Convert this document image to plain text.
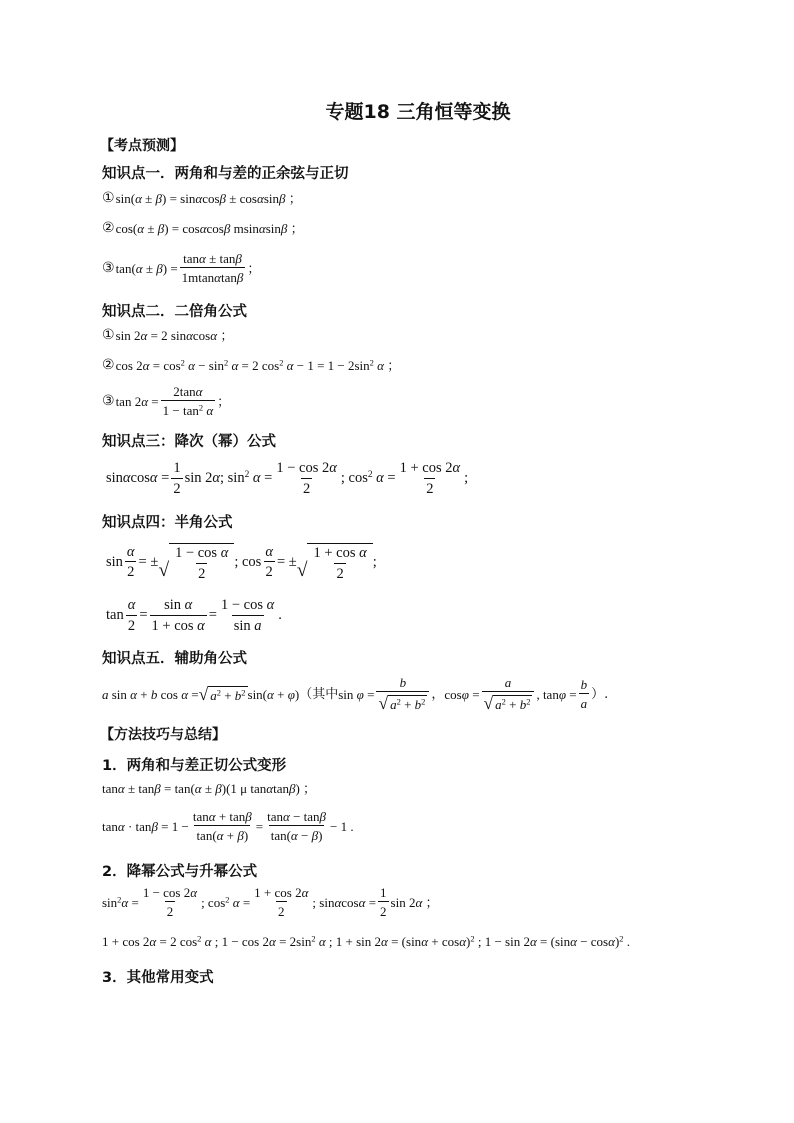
专题18 三角恒等变换
【考点预测】
知识点一．两角和与差的正余弦与正切
① sin(α ± β) = sinαcosβ ± cosαsinβ ；
② cos(α ± β) = cosαcosβ msinαsinβ ；
③ $\tan(\alpha \pm \beta) = \frac{\tan\alpha \pm \tan\beta}{1mtan\alpha\tan\beta}$ ；
知识点二．二倍角公式
① sin 2α = 2 sinαcosα ；
② $\cos 2\alpha = \cos^2 \alpha - \sin^2 \alpha = 2$ $\cos^2 \alpha - 1 = 1 - 2\sin^2$ α ；
③ $\tan 2\alpha = \frac{2\tan\alpha}{1 - \tan^2 \alpha}$ ；
知识点三：降次（幂）公式
$\sin\alpha\cos\alpha = \frac{1}{2}$ sin 2α; $\sin^2 \alpha = \frac{1 - \cos 2\alpha}{2}$ ; $\cos^2 \alpha = \frac{1 + \cos 2\alpha}{2}$ ;
知识点四：半角公式
$\sin \frac{\alpha}{2}$ = ± √ $\frac{\text{1 − cos α}}{2}$ ; $\cos \frac{\alpha}{2}$ = ± √ $\frac{\text{1 + cos α}}{2}$ ;
$\tan \frac{\alpha}{2} = \frac{\text{sin α}}{\text{1 + cos α}} = \frac{\text{1 − cos α}}{\text{sin a}}$ .
知识点五．辅助角公式
a sin α + b cos α = √ $a^2 + b^2$ sin(α + φ) （其中 $\sin \varphi = \frac{b}{√ a^2 + b^2}$ ， $\cos\varphi = \frac{a}{√ a^2 + b^2}$ , $\tan\varphi = \frac{b}{a}$ ）.
【方法技巧与总结】
1．两角和与差正切公式变形
tanα ± tanβ = tan(α ± β)(1 μ tanαtanβ) ；
$\tan\alpha \cdot \tan\beta = 1 - \frac{\tan\alpha + \tan\beta}{\tan(\alpha + \beta)} = \frac{\tan\alpha - \tan\beta}{\tan(\alpha - \beta)} - 1$ .
2．降幂公式与升幂公式
$\sin^2\alpha = \frac{1 - \cos 2\alpha}{2}$ ; $\cos^2 \alpha = \frac{1 + \cos 2\alpha}{2}$ ; $\sin\alpha\cos\alpha = \frac{1}{2}$ sin 2α ；
1 + cos 2α = 2 $\cos^2 \alpha$ ; $1 - \cos 2\alpha = 2\sin^2$ α ; $1 + \sin 2\alpha = (\sin\alpha + \cos\alpha)^2$ ; $1 - \sin 2\alpha = (\sin\alpha - \cos\alpha)^2$ .
3．其他常用变式
